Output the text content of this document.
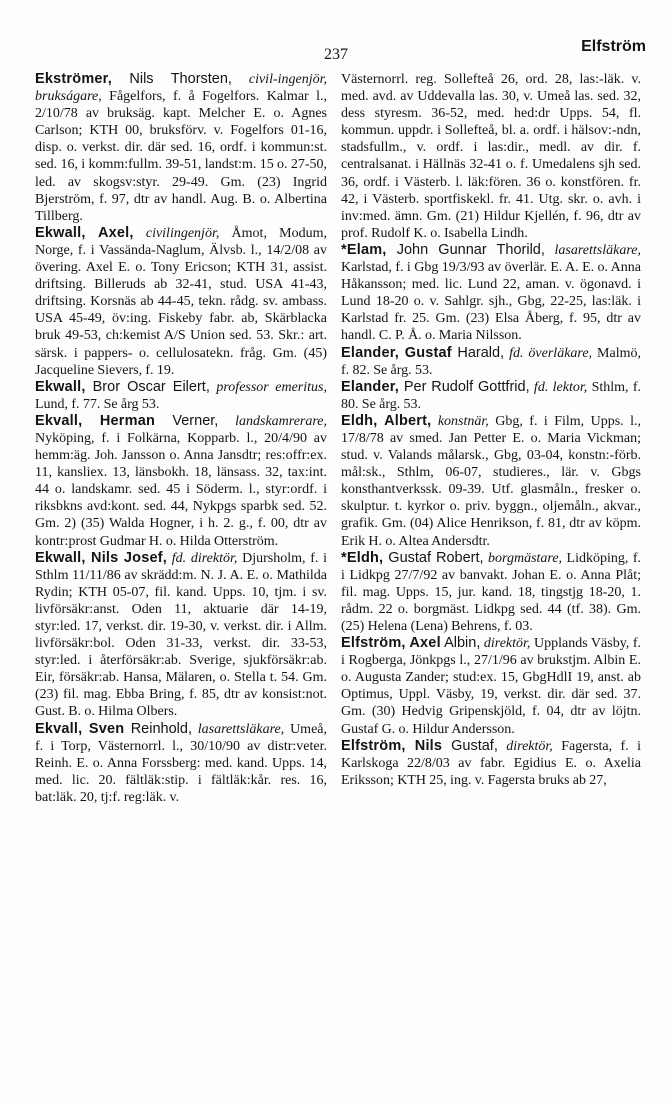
237	Elfström

Ekströmer, Nils Thorsten, civil-ingenjör, brukságare, Fågelfors, f. å Fogelfors. Kalmar l., 2/10/78 av bruksäg. kapt. Melcher E. o. Agnes Carlson; KTH 00, bruksförv. v. Fogelfors 01-16, disp. o. verkst. dir. där sed. 16, ordf. i kommun:st. sed. 16, i komm:fullm. 39-51, landst:m. 15 o. 27-50, led. av skogsv:styr. 29-49. Gm. (23) Ingrid Bjerström, f. 97, dtr av handl. Aug. B. o. Albertina Tillberg.

Ekwall, Axel, civilingenjör, Åmot, Modum, Norge, f. i Vassända-Naglum, Älvsb. l., 14/2/08 av övering. Axel E. o. Tony Ericson; KTH 31, assist. driftsing. Billeruds ab 32-41, stud. USA 41-43, driftsing. Korsnäs ab 44-45, tekn. rådg. sv. ambass. USA 45-49, öv:ing. Fiskeby fabr. ab, Skärblacka bruk 49-53, ch:kemist A/S Union sed. 53. Skr.: art. särsk. i pappers- o. cellulosatekn. fråg. Gm. (45) Jacqueline Sievers, f. 19.

Ekwall, Bror Oscar Eilert, professor emeritus, Lund, f. 77. Se årg 53.

Ekvall, Herman Verner, landskamrerare, Nyköping, f. i Folkärna, Kopparb. l., 20/4/90 av hemm:äg. Joh. Jansson o. Anna Jansdtr; res:offr:ex. 11, kansliex. 13, länsbokh. 18, länsass. 32, tax:int. 44 o. landskamr. sed. 45 i Söderm. l., styr:ordf. i riksbkns avd:kont. sed. 44, Nykpgs sparbk sed. 52. Gm. 2) (35) Walda Hogner, i h. 2. g., f. 00, dtr av kontr:prost Gudmar H. o. Hilda Otterström.

Ekwall, Nils Josef, fd. direktör, Djursholm, f. i Sthlm 11/11/86 av skrädd:m. N. J. A. E. o. Mathilda Rydin; KTH 05-07, fil. kand. Upps. 10, tjm. i sv. livförsäkr:anst. Oden 11, aktuarie där 14-19, styr:led. 17, verkst. dir. 19-30, v. verkst. dir. i Allm. livförsäkr:bol. Oden 31-33, verkst. dir. 33-53, styr:led. i återförsäkr:ab. Sverige, sjukförsäkr:ab. Eir, försäkr:ab. Hansa, Mälaren, o. Stella t. 54. Gm. (23) fil. mag. Ebba Bring, f. 85, dtr av konsist:not. Gust. B. o. Hilma Olbers.

Ekvall, Sven Reinhold, lasarettsläkare, Umeå, f. i Torp, Västernorrl. l., 30/10/90 av distr:veter. Reinh. E. o. Anna Forssberg: med. kand. Upps. 14, med. lic. 20. fältläk:stip. i fältläk:kår. res. 16, bat:läk. 20, tj:f. reg:läk. v.

Västernorrl. reg. Sollefteå 26, ord. 28, las:-läk. v. med. avd. av Uddevalla las. 30, v. Umeå las. sed. 32, dess styresm. 36-52, med. hed:dr Upps. 54, fl. kommun. uppdr. i Sollefteå, bl. a. ordf. i hälsov:-ndn, stadsfullm., v. ordf. i las:dir., medl. av dir. f. centralsanat. i Hällnäs 32-41 o. f. Umedalens sjh sed. 36, ordf. i Västerb. l. läk:fören. 36 o. konstfören. fr. 42, i Västerb. sportfiskekl. fr. 41. Utg. skr. o. avh. i inv:med. ämn. Gm. (21) Hildur Kjellén, f. 96, dtr av prof. Rudolf K. o. Isabella Lindh.

*Elam, John Gunnar Thorild, lasarettsläkare, Karlstad, f. i Gbg 19/3/93 av överlär. E. A. E. o. Anna Håkansson; med. lic. Lund 22, aman. v. ögonavd. i Lund 18-20 o. v. Sahlgr. sjh., Gbg, 22-25, las:läk. i Karlstad fr. 25. Gm. (23) Elsa Åberg, f. 95, dtr av handl. C. P. Å. o. Maria Nilsson.

Elander, Gustaf Harald, fd. överläkare, Malmö, f. 82. Se årg. 53.

Elander, Per Rudolf Gottfrid, fd. lektor, Sthlm, f. 80. Se årg. 53.

Eldh, Albert, konstnär, Gbg, f. i Film, Upps. l., 17/8/78 av smed. Jan Petter E. o. Maria Vickman; stud. v. Valands målarsk., Gbg, 03-04, konstn:-förb. mål:sk., Sthlm, 06-07, studieres., lär. v. Gbgs konsthantverkssk. 09-39. Utf. glasmåln., fresker o. skulptur. t. kyrkor o. priv. byggn., oljemåln., akvar., grafik. Gm. (04) Alice Henrikson, f. 81, dtr av köpm. Erik H. o. Altea Andersdtr.

*Eldh, Gustaf Robert, borgmästare, Lidköping, f. i Lidkpg 27/7/92 av banvakt. Johan E. o. Anna Plåt; fil. mag. Upps. 15, jur. kand. 18, tingstjg 18-20, 1. rådm. 22 o. borgmäst. Lidkpg sed. 44 (tf. 38). Gm. (25) Helena (Lena) Behrens, f. 03.

Elfström, Axel Albin, direktör, Upplands Väsby, f. i Rogberga, Jönkpgs l., 27/1/96 av brukstjm. Albin E. o. Augusta Zander; stud:ex. 15, GbgHdlI 19, anst. ab Optimus, Uppl. Väsby, 19, verkst. dir. där sed. 37. Gm. (30) Hedvig Gripenskjöld, f. 04, dtr av löjtn. Gustaf G. o. Hildur Andersson.

Elfström, Nils Gustaf, direktör, Fagersta, f. i Karlskoga 22/8/03 av fabr. Egidius E. o. Axelia Eriksson; KTH 25, ing. v. Fagersta bruks ab 27,
